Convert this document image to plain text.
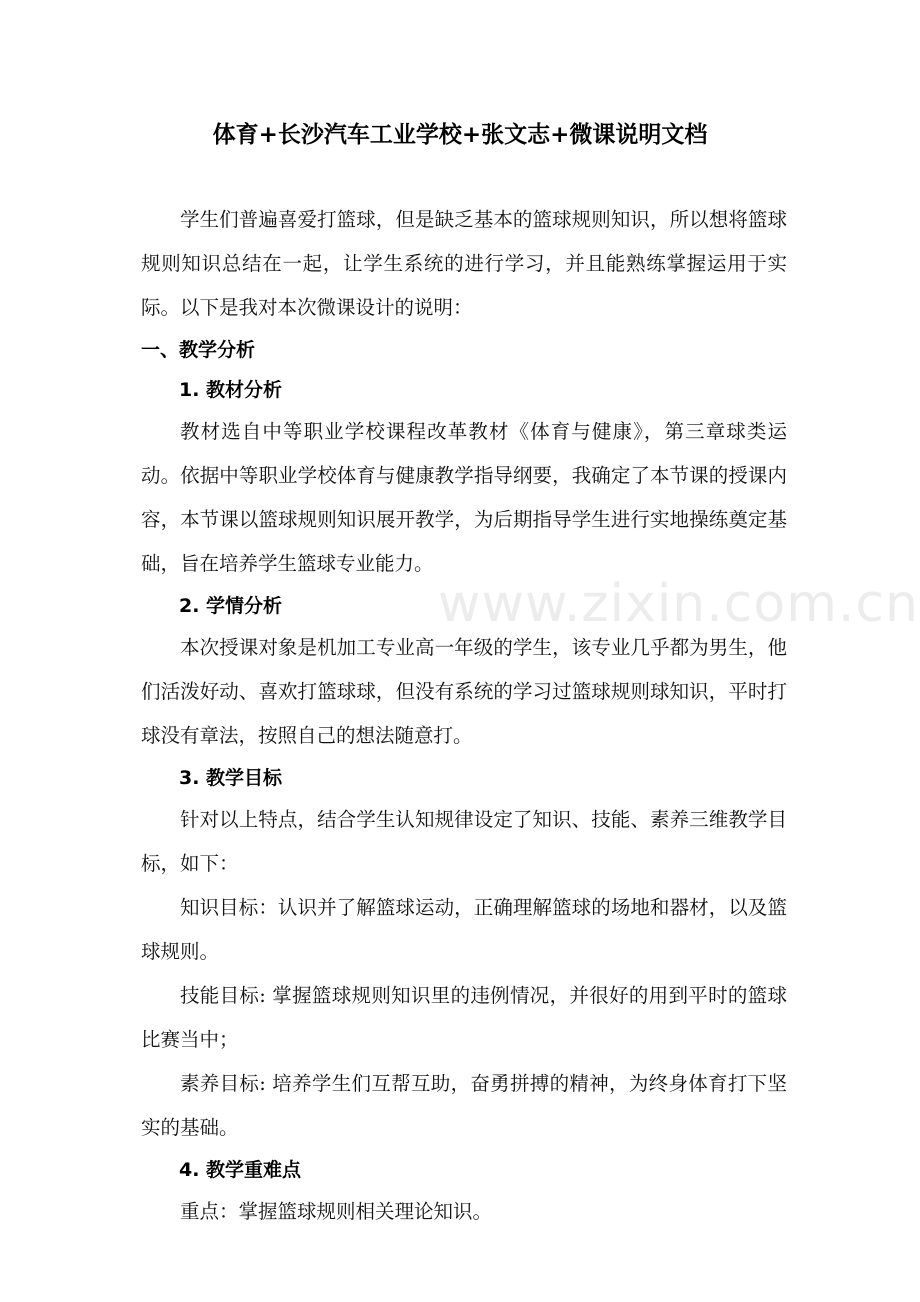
体育+长沙汽车工业学校+张文志+微课说明文档

学生们普遍喜爱打篮球，但是缺乏基本的篮球规则知识，所以想将篮球规则知识总结在一起，让学生系统的进行学习，并且能熟练掌握运用于实际。以下是我对本次微课设计的说明：

一、教学分析

1. 教材分析

教材选自中等职业学校课程改革教材《体育与健康》，第三章球类运动。依据中等职业学校体育与健康教学指导纲要，我确定了本节课的授课内容，本节课以篮球规则知识展开教学，为后期指导学生进行实地操练奠定基础，旨在培养学生篮球专业能力。

2. 学情分析

本次授课对象是机加工专业高一年级的学生，该专业几乎都为男生，他们活泼好动、喜欢打篮球球，但没有系统的学习过篮球规则球知识，平时打球没有章法，按照自己的想法随意打。

3. 教学目标

针对以上特点，结合学生认知规律设定了知识、技能、素养三维教学目标，如下：

知识目标：认识并了解篮球运动，正确理解篮球的场地和器材，以及篮球规则。

技能目标: 掌握篮球规则知识里的违例情况，并很好的用到平时的篮球比赛当中；

素养目标: 培养学生们互帮互助，奋勇拼搏的精神，为终身体育打下坚实的基础。

4. 教学重难点

重点：掌握篮球规则相关理论知识。

www.zixin.com.cn
